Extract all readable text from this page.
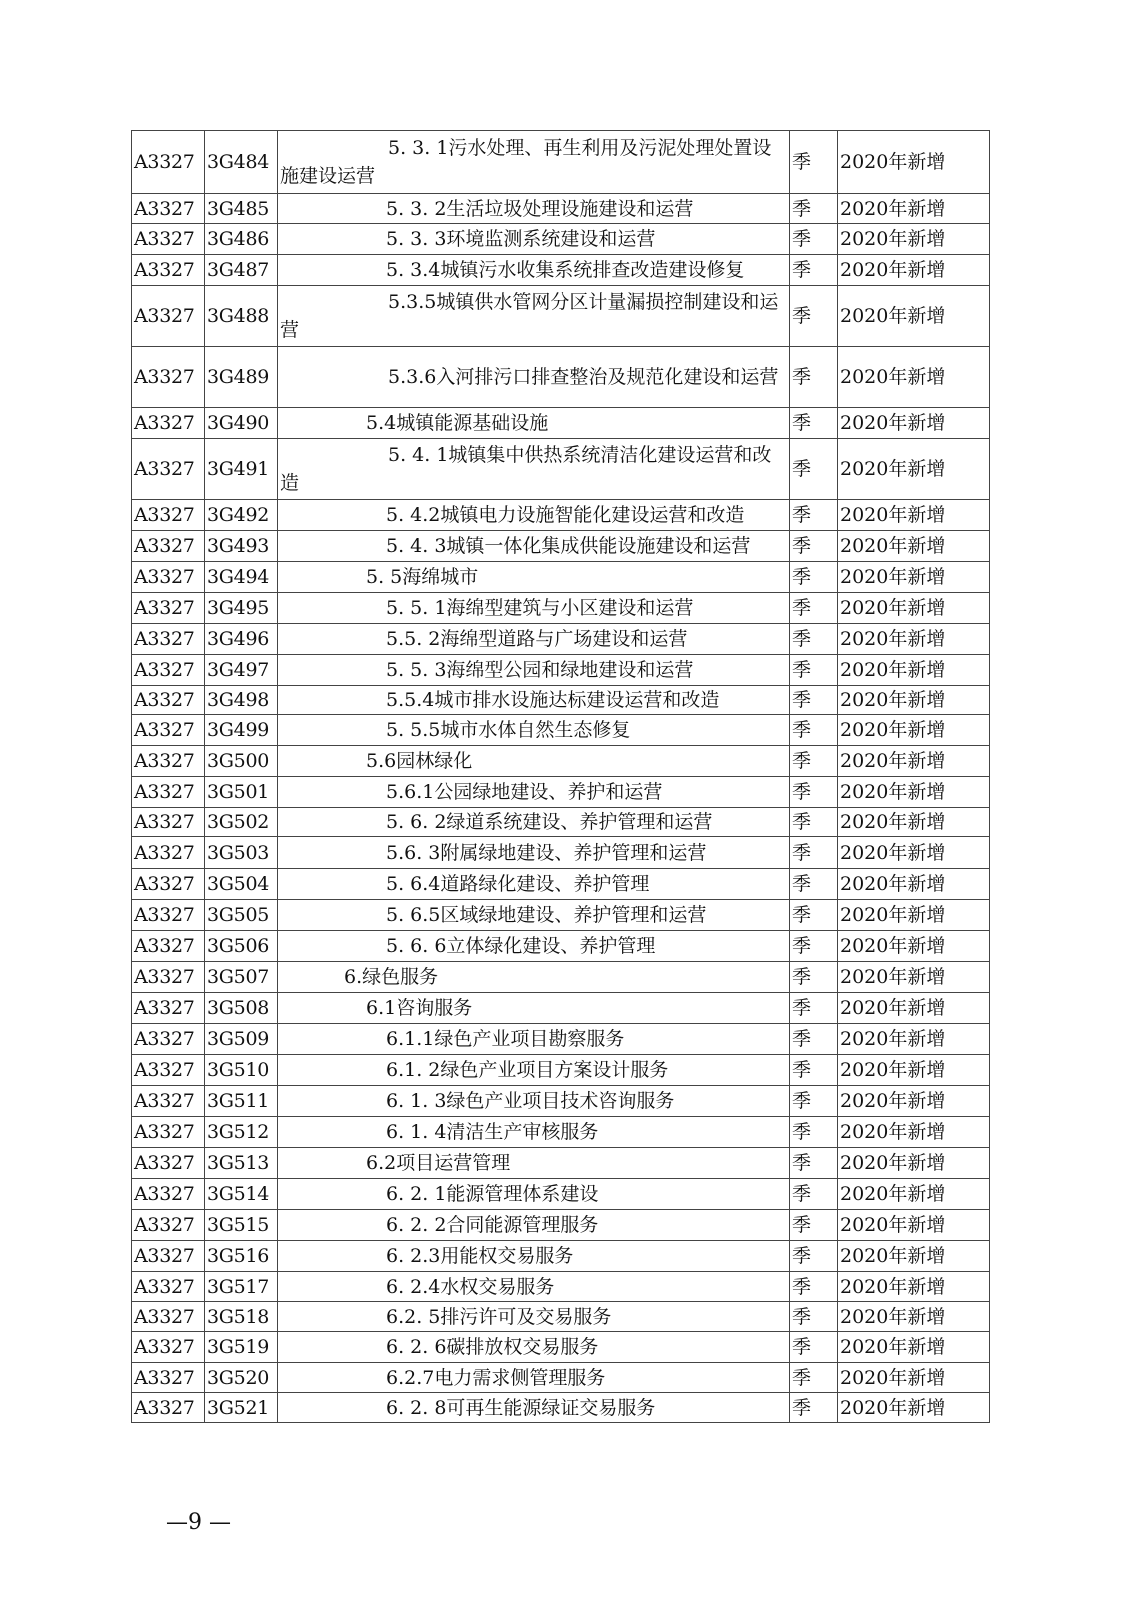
A3327	3G484	5. 3. 1污水处理、再生利用及污泥处理处置设施建设运营	季	2020年新增
A3327	3G485	5. 3. 2生活垃圾处理设施建设和运营	季	2020年新增
A3327	3G486	5. 3. 3环境监测系统建设和运营	季	2020年新增
A3327	3G487	5. 3.4城镇污水收集系统排查改造建设修复	季	2020年新增
A3327	3G488	5.3.5城镇供水管网分区计量漏损控制建设和运营	季	2020年新增
A3327	3G489	5.3.6入河排污口排查整治及规范化建设和运营	季	2020年新增
A3327	3G490	5.4城镇能源基础设施	季	2020年新增
A3327	3G491	5. 4. 1城镇集中供热系统清洁化建设运营和改造	季	2020年新增
A3327	3G492	5. 4.2城镇电力设施智能化建设运营和改造	季	2020年新增
A3327	3G493	5. 4. 3城镇一体化集成供能设施建设和运营	季	2020年新增
A3327	3G494	5. 5海绵城市	季	2020年新增
A3327	3G495	5. 5. 1海绵型建筑与小区建设和运营	季	2020年新增
A3327	3G496	5.5. 2海绵型道路与广场建设和运营	季	2020年新增
A3327	3G497	5. 5. 3海绵型公园和绿地建设和运营	季	2020年新增
A3327	3G498	5.5.4城市排水设施达标建设运营和改造	季	2020年新增
A3327	3G499	5. 5.5城市水体自然生态修复	季	2020年新增
A3327	3G500	5.6园林绿化	季	2020年新增
A3327	3G501	5.6.1公园绿地建设、养护和运营	季	2020年新增
A3327	3G502	5. 6. 2绿道系统建设、养护管理和运营	季	2020年新增
A3327	3G503	5.6. 3附属绿地建设、养护管理和运营	季	2020年新增
A3327	3G504	5. 6.4道路绿化建设、养护管理	季	2020年新增
A3327	3G505	5. 6.5区域绿地建设、养护管理和运营	季	2020年新增
A3327	3G506	5. 6. 6立体绿化建设、养护管理	季	2020年新增
A3327	3G507	6.绿色服务	季	2020年新增
A3327	3G508	6.1咨询服务	季	2020年新增
A3327	3G509	6.1.1绿色产业项目勘察服务	季	2020年新增
A3327	3G510	6.1. 2绿色产业项目方案设计服务	季	2020年新增
A3327	3G511	6. 1. 3绿色产业项目技术咨询服务	季	2020年新增
A3327	3G512	6. 1. 4清洁生产审核服务	季	2020年新增
A3327	3G513	6.2项目运营管理	季	2020年新增
A3327	3G514	6. 2. 1能源管理体系建设	季	2020年新增
A3327	3G515	6. 2. 2合同能源管理服务	季	2020年新增
A3327	3G516	6. 2.3用能权交易服务	季	2020年新增
A3327	3G517	6. 2.4水权交易服务	季	2020年新增
A3327	3G518	6.2. 5排污许可及交易服务	季	2020年新增
A3327	3G519	6. 2. 6碳排放权交易服务	季	2020年新增
A3327	3G520	6.2.7电力需求侧管理服务	季	2020年新增
A3327	3G521	6. 2. 8可再生能源绿证交易服务	季	2020年新增
—9 —
